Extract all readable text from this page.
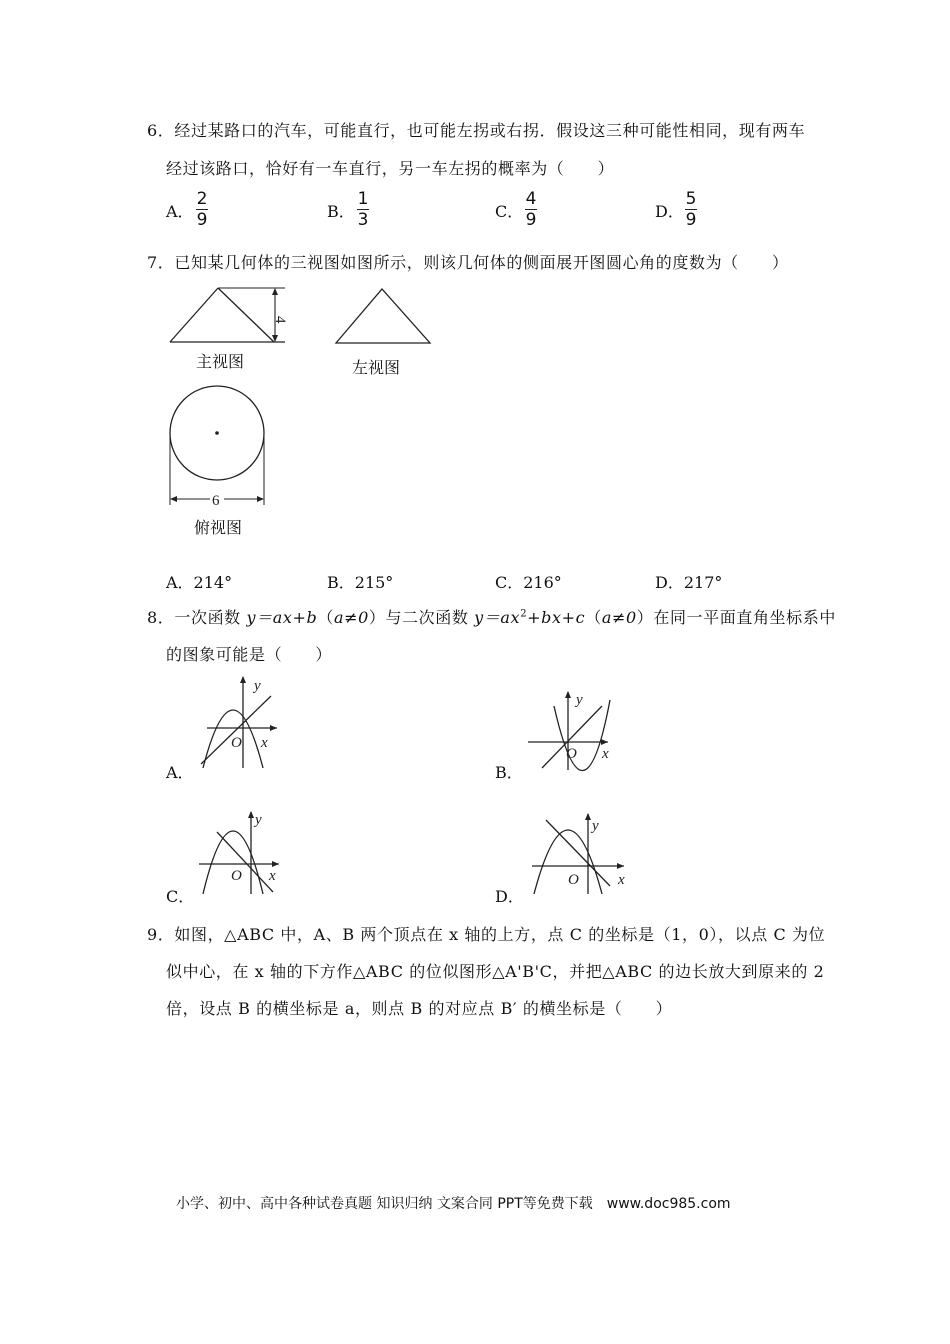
6．经过某路口的汽车，可能直行，也可能左拐或右拐．假设这三种可能性相同，现有两车
经过该路口，恰好有一车直行，另一车左拐的概率为（　　）
A．
2
9	B．
1
3	C．
4
9	D．
5
9
7．已知某几何体的三视图如图所示，则该几何体的侧面展开图圆心角的度数为（　　）
4
主视图	左视图
6
俯视图
A．214°	B．215°	C．216°	D．217°
8．一次函数 y＝ax+b（a≠0）与二次函数 $y=ax^2+bx+c(a\ne 0)$在同一平面直角坐标系中
的图象可能是（　　）
A．
y
x
O
B．
y
x
O
C．
y
x
O
D．
y
x
O
9．如图，△ABC 中，A、B 两个顶点在 x 轴的上方，点 C 的坐标是（1，0），以点 C 为位
似中心，在 x 轴的下方作△ABC 的位似图形△A'B'C，并把△ABC 的边长放大到原来的 2
倍，设点 B 的横坐标是 a，则点 B 的对应点 B′ 的横坐标是（　　）
小学、初中、高中各种试卷真题 知识归纳 文案合同 PPT等免费下载　www.doc985.com
